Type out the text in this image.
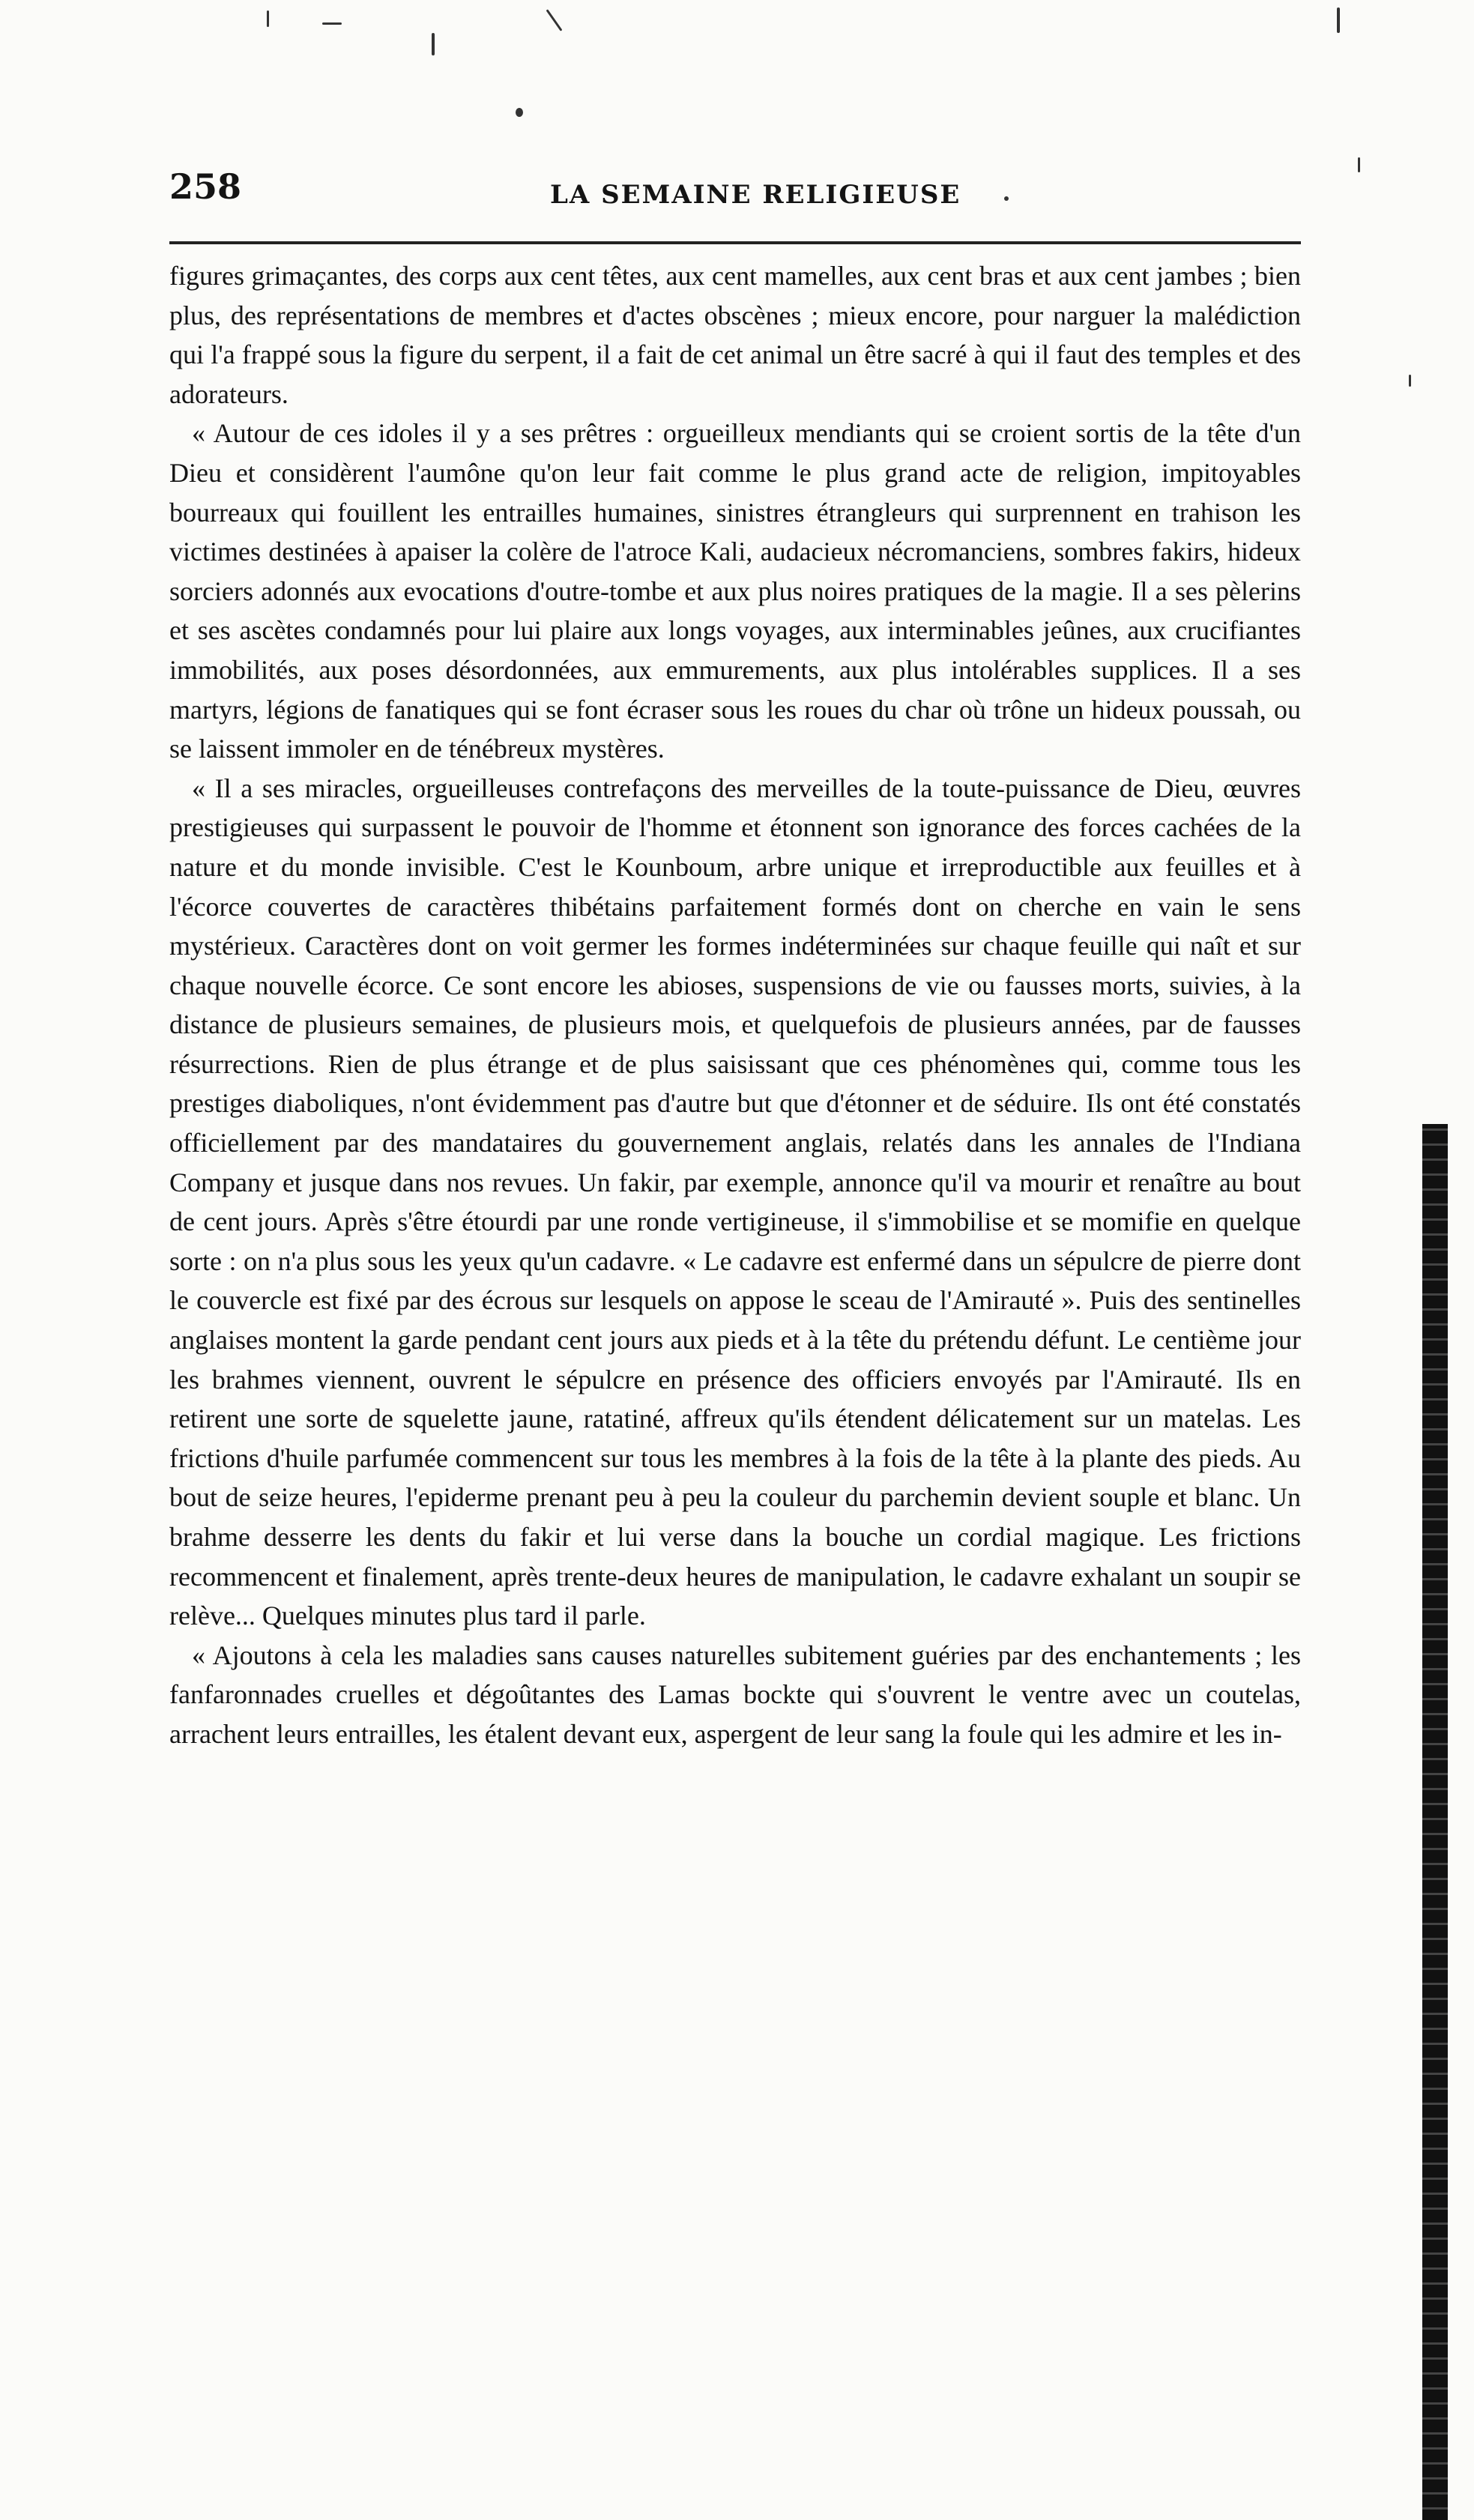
258	LA SEMAINE RELIGIEUSE

figures grimaçantes, des corps aux cent têtes, aux cent mamelles, aux cent bras et aux cent jambes ; bien plus, des représentations de membres et d'actes obscènes ; mieux encore, pour narguer la malédiction qui l'a frappé sous la figure du serpent, il a fait de cet animal un être sacré à qui il faut des temples et des adorateurs.

« Autour de ces idoles il y a ses prêtres : orgueilleux mendiants qui se croient sortis de la tête d'un Dieu et considèrent l'aumône qu'on leur fait comme le plus grand acte de religion, impitoyables bourreaux qui fouillent les entrailles humaines, sinistres étrangleurs qui surprennent en trahison les victimes destinées à apaiser la colère de l'atroce Kali, audacieux nécromanciens, sombres fakirs, hideux sorciers adonnés aux evocations d'outre-tombe et aux plus noires pratiques de la magie. Il a ses pèlerins et ses ascètes condamnés pour lui plaire aux longs voyages, aux interminables jeûnes, aux crucifiantes immobilités, aux poses désordonnées, aux emmurements, aux plus intolérables supplices. Il a ses martyrs, légions de fanatiques qui se font écraser sous les roues du char où trône un hideux poussah, ou se laissent immoler en de ténébreux mystères.

« Il a ses miracles, orgueilleuses contrefaçons des merveilles de la toute-puissance de Dieu, œuvres prestigieuses qui surpassent le pouvoir de l'homme et étonnent son ignorance des forces cachées de la nature et du monde invisible. C'est le Kounboum, arbre unique et irreproductible aux feuilles et à l'écorce couvertes de caractères thibétains parfaitement formés dont on cherche en vain le sens mystérieux. Caractères dont on voit germer les formes indéterminées sur chaque feuille qui naît et sur chaque nouvelle écorce. Ce sont encore les abioses, suspensions de vie ou fausses morts, suivies, à la distance de plusieurs semaines, de plusieurs mois, et quelquefois de plusieurs années, par de fausses résurrections. Rien de plus étrange et de plus saisissant que ces phénomènes qui, comme tous les prestiges diaboliques, n'ont évidemment pas d'autre but que d'étonner et de séduire. Ils ont été constatés officiellement par des mandataires du gouvernement anglais, relatés dans les annales de l'Indiana Company et jusque dans nos revues. Un fakir, par exemple, annonce qu'il va mourir et renaître au bout de cent jours. Après s'être étourdi par une ronde vertigineuse, il s'immobilise et se momifie en quelque sorte : on n'a plus sous les yeux qu'un cadavre. « Le cadavre est enfermé dans un sépulcre de pierre dont le couvercle est fixé par des écrous sur lesquels on appose le sceau de l'Amirauté ». Puis des sentinelles anglaises montent la garde pendant cent jours aux pieds et à la tête du prétendu défunt. Le centième jour les brahmes viennent, ouvrent le sépulcre en présence des officiers envoyés par l'Amirauté. Ils en retirent une sorte de squelette jaune, ratatiné, affreux qu'ils étendent délicatement sur un matelas. Les frictions d'huile parfumée commencent sur tous les membres à la fois de la tête à la plante des pieds. Au bout de seize heures, l'epiderme prenant peu à peu la couleur du parchemin devient souple et blanc. Un brahme desserre les dents du fakir et lui verse dans la bouche un cordial magique. Les frictions recommencent et finalement, après trente-deux heures de manipulation, le cadavre exhalant un soupir se relève... Quelques minutes plus tard il parle.

« Ajoutons à cela les maladies sans causes naturelles subitement guéries par des enchantements ; les fanfaronnades cruelles et dégoûtantes des Lamas bockte qui s'ouvrent le ventre avec un coutelas, arrachent leurs entrailles, les étalent devant eux, aspergent de leur sang la foule qui les admire et les in-
